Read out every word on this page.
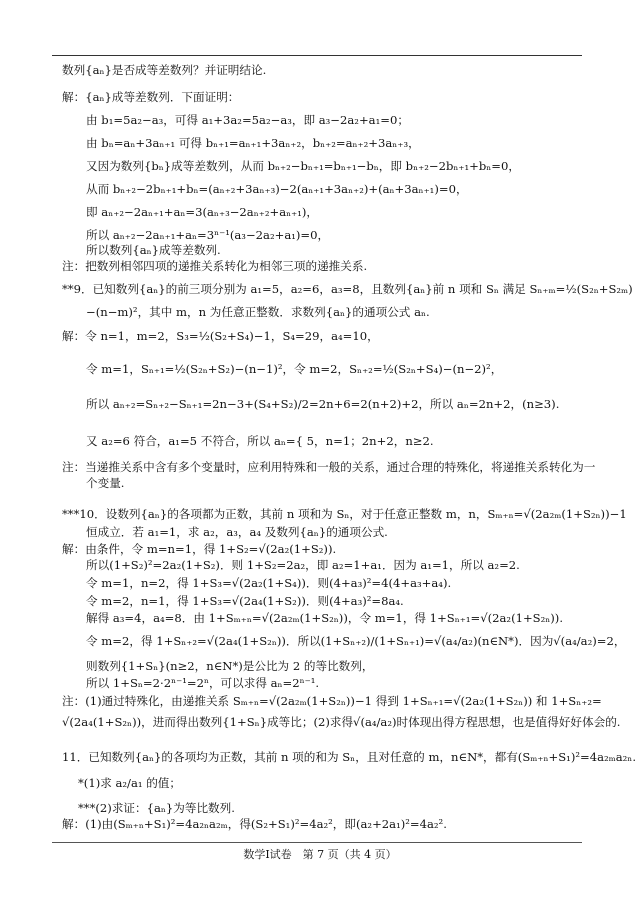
数列{aₙ}是否成等差数列？并证明结论.
解：{aₙ}成等差数列．下面证明：
由 b₁=5a₂−a₃，可得 a₁+3a₂=5a₂−a₃，即 a₃−2a₂+a₁=0；
由 bₙ=aₙ+3aₙ₊₁ 可得 bₙ₊₁=aₙ₊₁+3aₙ₊₂，bₙ₊₂=aₙ₊₂+3aₙ₊₃，
又因为数列{bₙ}成等差数列，从而 bₙ₊₂−bₙ₊₁=bₙ₊₁−bₙ，即 bₙ₊₂−2bₙ₊₁+bₙ=0，
从而 bₙ₊₂−2bₙ₊₁+bₙ=(aₙ₊₂+3aₙ₊₃)−2(aₙ₊₁+3aₙ₊₂)+(aₙ+3aₙ₊₁)=0，
即 aₙ₊₂−2aₙ₊₁+aₙ=3(aₙ₊₃−2aₙ₊₂+aₙ₊₁)，
所以 aₙ₊₂−2aₙ₊₁+aₙ=3ⁿ⁻¹(a₃−2a₂+a₁)=0，
所以数列{aₙ}成等差数列.
注：把数列相邻四项的递推关系转化为相邻三项的递推关系.
**9．已知数列{aₙ}的前三项分别为 a₁=5，a₂=6，a₃=8，且数列{aₙ}前 n 项和 Sₙ 满足 Sₙ₊ₘ=½(S₂ₙ+S₂ₘ)
−(n−m)²，其中 m，n 为任意正整数．求数列{aₙ}的通项公式 aₙ.
解：令 n=1，m=2，S₃=½(S₂+S₄)−1，S₄=29，a₄=10，
令 m=1，Sₙ₊₁=½(S₂ₙ+S₂)−(n−1)²，令 m=2，Sₙ₊₂=½(S₂ₙ+S₄)−(n−2)²，
所以 aₙ₊₂=Sₙ₊₂−Sₙ₊₁=2n−3+(S₄+S₂)/2=2n+6=2(n+2)+2，所以 aₙ=2n+2，(n≥3).
又 a₂=6 符合，a₁=5 不符合，所以 aₙ={ 5，n=1；2n+2，n≥2.
注：当递推关系中含有多个变量时，应利用特殊和一般的关系，通过合理的特殊化，将递推关系转化为一
个变量.
***10．设数列{aₙ}的各项都为正数，其前 n 项和为 Sₙ，对于任意正整数 m，n，Sₘ₊ₙ=√(2a₂ₘ(1+S₂ₙ))−1
恒成立．若 a₁=1，求 a₂，a₃，a₄ 及数列{aₙ}的通项公式.
解：由条件，令 m=n=1，得 1+S₂=√(2a₂(1+S₂)).
所以(1+S₂)²=2a₂(1+S₂)．则 1+S₂=2a₂，即 a₂=1+a₁．因为 a₁=1，所以 a₂=2.
令 m=1，n=2，得 1+S₃=√(2a₂(1+S₄))．则(4+a₃)²=4(4+a₃+a₄).
令 m=2，n=1，得 1+S₃=√(2a₄(1+S₂))．则(4+a₃)²=8a₄.
解得 a₃=4，a₄=8．由 1+Sₘ₊ₙ=√(2a₂ₘ(1+S₂ₙ))，令 m=1，得 1+Sₙ₊₁=√(2a₂(1+S₂ₙ)).
令 m=2，得 1+Sₙ₊₂=√(2a₄(1+S₂ₙ))．所以(1+Sₙ₊₂)/(1+Sₙ₊₁)=√(a₄/a₂)(n∈N*)．因为√(a₄/a₂)=2，
则数列{1+Sₙ}(n≥2，n∈N*)是公比为 2 的等比数列，
所以 1+Sₙ=2·2ⁿ⁻¹=2ⁿ，可以求得 aₙ=2ⁿ⁻¹.
注：(1)通过特殊化，由递推关系 Sₘ₊ₙ=√(2a₂ₘ(1+S₂ₙ))−1 得到 1+Sₙ₊₁=√(2a₂(1+S₂ₙ)) 和 1+Sₙ₊₂=
√(2a₄(1+S₂ₙ))，进而得出数列{1+Sₙ}成等比；(2)求得√(a₄/a₂)时体现出得方程思想，也是值得好好体会的.
11．已知数列{aₙ}的各项均为正数，其前 n 项的和为 Sₙ，且对任意的 m，n∈N*，都有(Sₘ₊ₙ+S₁)²=4a₂ₘa₂ₙ.
*(1)求 a₂/a₁ 的值；
***(2)求证：{aₙ}为等比数列.
解：(1)由(Sₘ₊ₙ+S₁)²=4a₂ₙa₂ₘ，得(S₂+S₁)²=4a₂²，即(a₂+2a₁)²=4a₂².
数学Ⅰ试卷　第 7 页（共 4 页）
